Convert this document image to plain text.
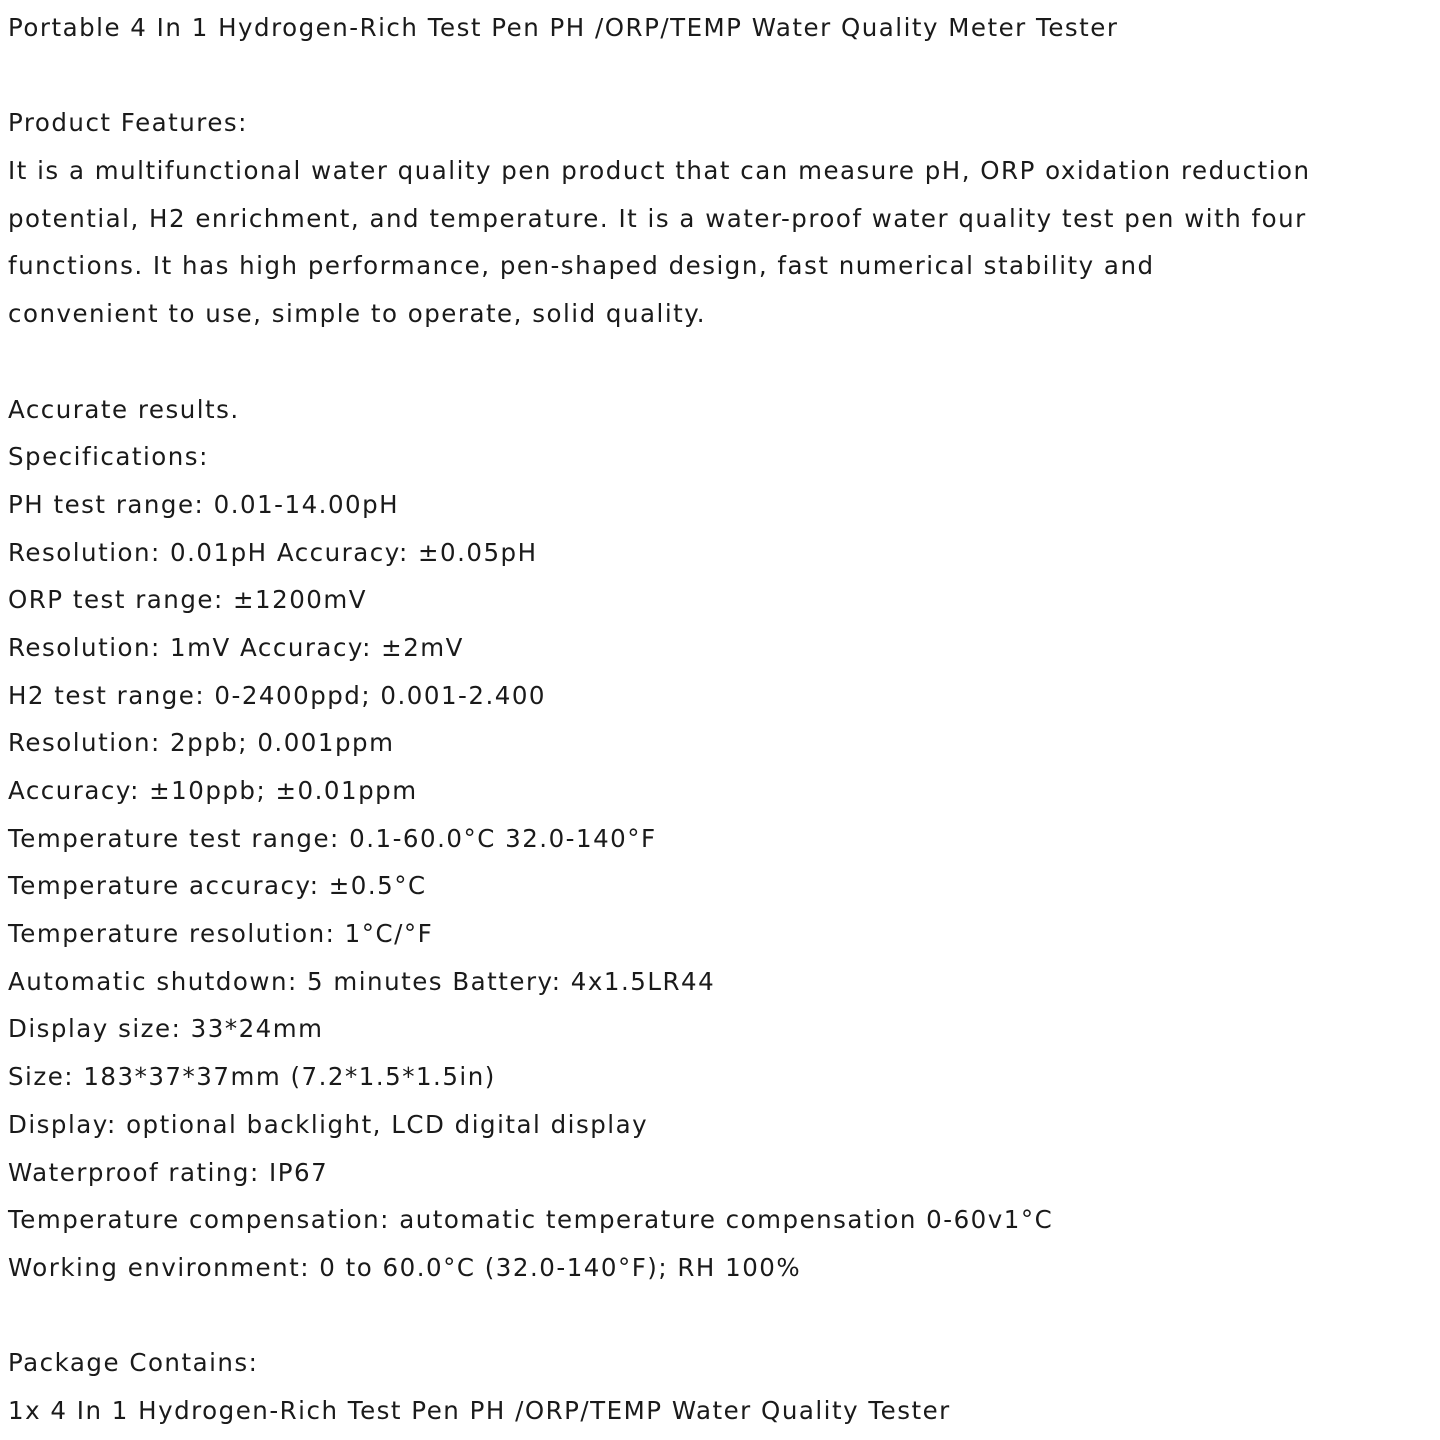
Portable 4 In 1 Hydrogen-Rich Test Pen PH /ORP/TEMP Water Quality Meter Tester
Product Features:
It is a multifunctional water quality pen product that can measure pH, ORP oxidation reduction
potential, H2 enrichment, and temperature. It is a water-proof water quality test pen with four
functions. It has high performance, pen-shaped design, fast numerical stability and
convenient to use, simple to operate, solid quality.
Accurate results.
Specifications:
PH test range: 0.01-14.00pH
Resolution: 0.01pH Accuracy: ±0.05pH
ORP test range: ±1200mV
Resolution: 1mV Accuracy: ±2mV
H2 test range: 0-2400ppd; 0.001-2.400
Resolution: 2ppb; 0.001ppm
Accuracy: ±10ppb; ±0.01ppm
Temperature test range: 0.1-60.0°C 32.0-140°F
Temperature accuracy: ±0.5°C
Temperature resolution: 1°C/°F
Automatic shutdown: 5 minutes Battery: 4x1.5LR44
Display size: 33*24mm
Size: 183*37*37mm (7.2*1.5*1.5in)
Display: optional backlight, LCD digital display
Waterproof rating: IP67
Temperature compensation: automatic temperature compensation 0-60v1°C
Working environment: 0 to 60.0°C (32.0-140°F); RH 100%
Package Contains:
1x 4 In 1 Hydrogen-Rich Test Pen PH /ORP/TEMP Water Quality Tester
